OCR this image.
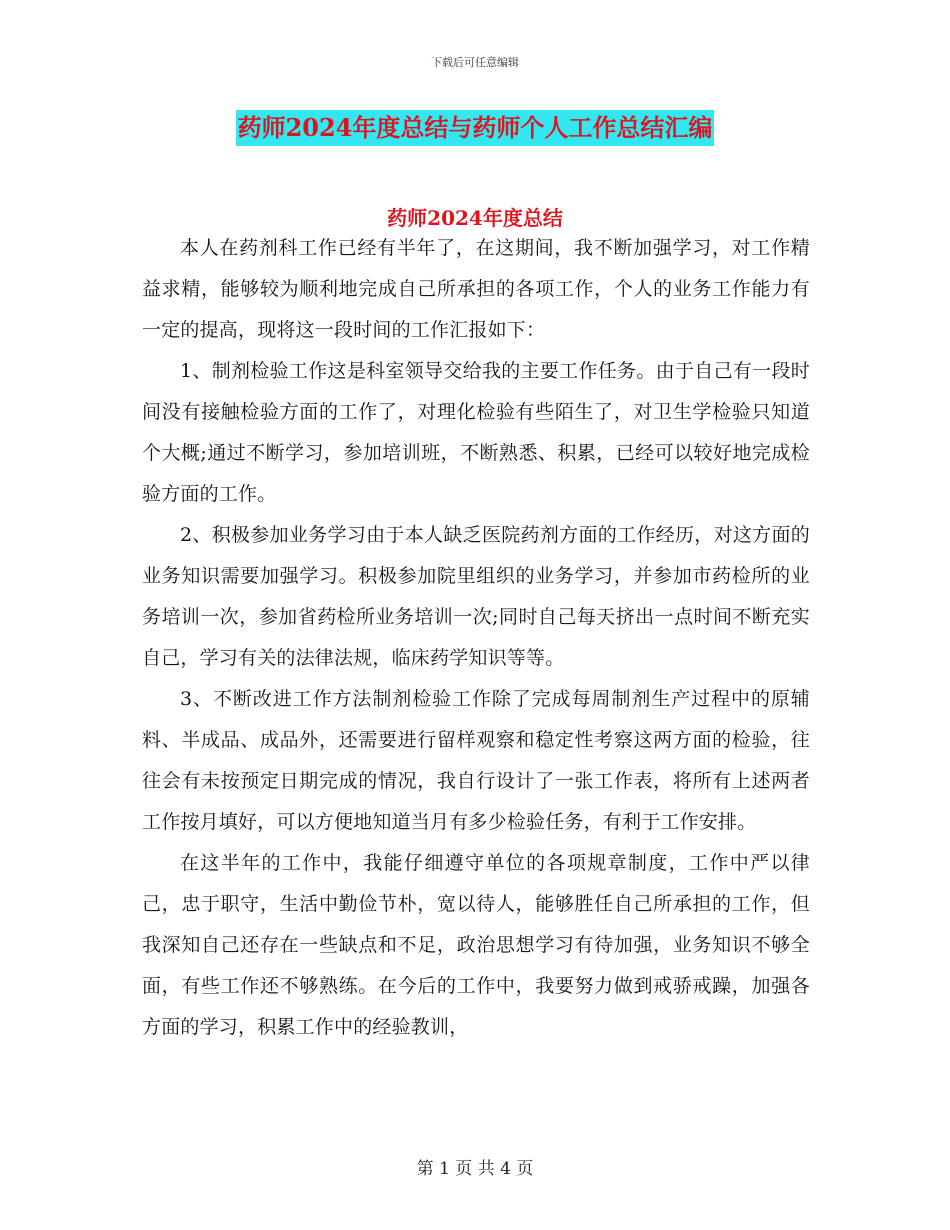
下载后可任意编辑
药师2024年度总结与药师个人工作总结汇编
药师2024年度总结

本人在药剂科工作已经有半年了，在这期间，我不断加强学习，对工作精益求精，能够较为顺利地完成自己所承担的各项工作，个人的业务工作能力有一定的提高，现将这一段时间的工作汇报如下：

1、制剂检验工作这是科室领导交给我的主要工作任务。由于自己有一段时间没有接触检验方面的工作了，对理化检验有些陌生了，对卫生学检验只知道个大概;通过不断学习，参加培训班，不断熟悉、积累，已经可以较好地完成检验方面的工作。

2、积极参加业务学习由于本人缺乏医院药剂方面的工作经历，对这方面的业务知识需要加强学习。积极参加院里组织的业务学习，并参加市药检所的业务培训一次，参加省药检所业务培训一次;同时自己每天挤出一点时间不断充实自己，学习有关的法律法规，临床药学知识等等。

3、不断改进工作方法制剂检验工作除了完成每周制剂生产过程中的原辅料、半成品、成品外，还需要进行留样观察和稳定性考察这两方面的检验，往往会有未按预定日期完成的情况，我自行设计了一张工作表，将所有上述两者工作按月填好，可以方便地知道当月有多少检验任务，有利于工作安排。

在这半年的工作中，我能仔细遵守单位的各项规章制度，工作中严以律己，忠于职守，生活中勤俭节朴，宽以待人，能够胜任自己所承担的工作，但我深知自己还存在一些缺点和不足，政治思想学习有待加强，业务知识不够全面，有些工作还不够熟练。在今后的工作中，我要努力做到戒骄戒躁，加强各方面的学习，积累工作中的经验教训，

第 1 页 共 4 页
